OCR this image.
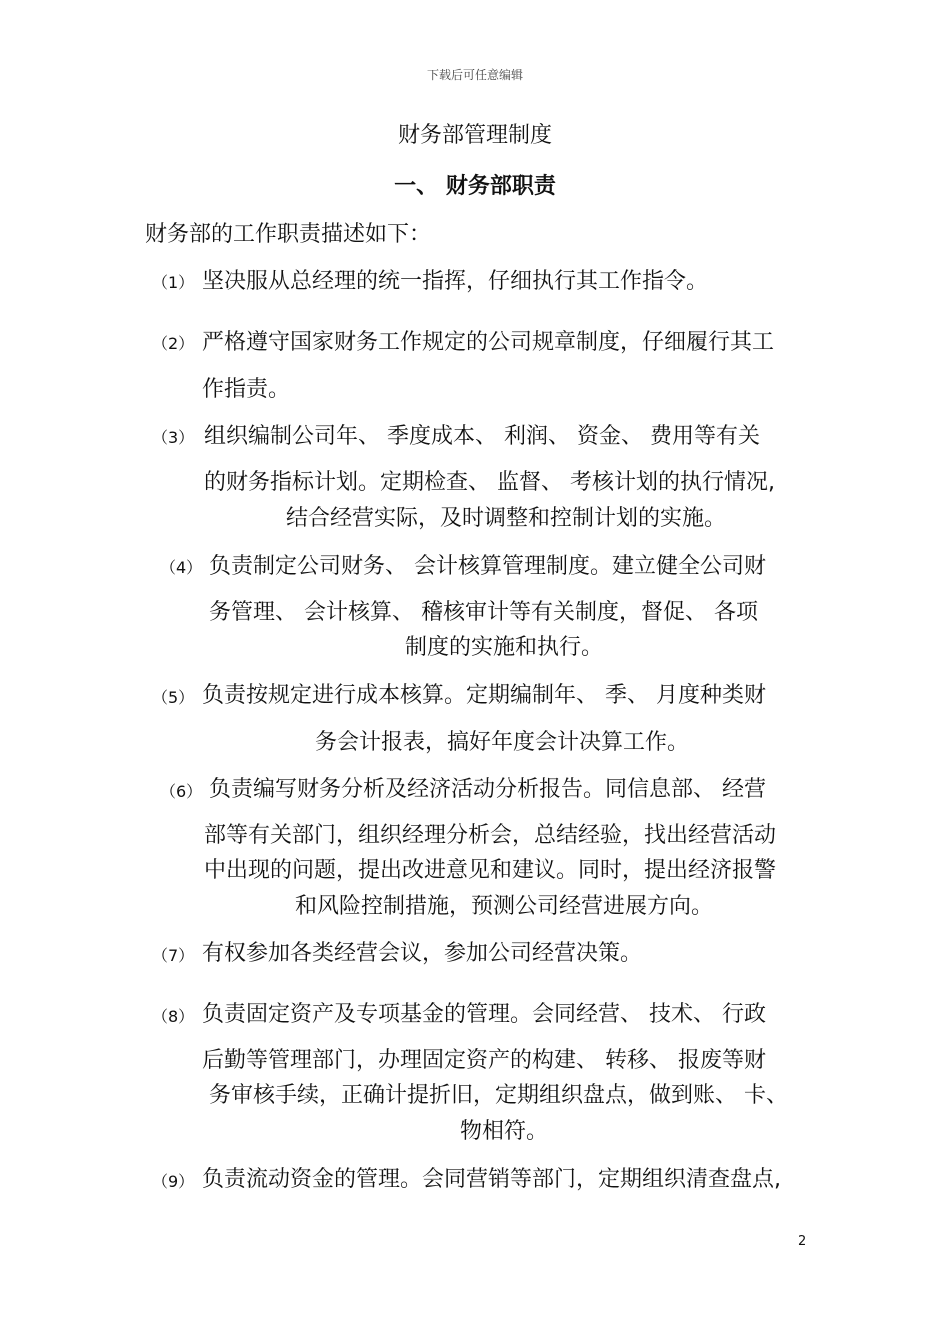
下载后可任意编辑
财务部管理制度
一、 财务部职责
财务部的工作职责描述如下：
（1） 坚决服从总经理的统一指挥，仔细执行其工作指令。
（2） 严格遵守国家财务工作规定的公司规章制度，仔细履行其工
作指责。
（3） 组织编制公司年、 季度成本、 利润、 资金、 费用等有关
的财务指标计划。定期检查、 监督、 考核计划的执行情况,
结合经营实际，及时调整和控制计划的实施。
（4） 负责制定公司财务、 会计核算管理制度。建立健全公司财
务管理、 会计核算、 稽核审计等有关制度，督促、 各项
制度的实施和执行。
（5） 负责按规定进行成本核算。定期编制年、 季、 月度种类财
务会计报表，搞好年度会计决算工作。
（6） 负责编写财务分析及经济活动分析报告。同信息部、 经营
部等有关部门，组织经理分析会，总结经验，找出经营活动
中出现的问题，提出改进意见和建议。同时，提出经济报警
和风险控制措施，预测公司经营进展方向。
（7） 有权参加各类经营会议，参加公司经营决策。
（8） 负责固定资产及专项基金的管理。会同经营、 技术、 行政
后勤等管理部门，办理固定资产的构建、 转移、 报废等财
务审核手续，正确计提折旧，定期组织盘点，做到账、 卡、
物相符。
（9） 负责流动资金的管理。会同营销等部门，定期组织清查盘点,
2
